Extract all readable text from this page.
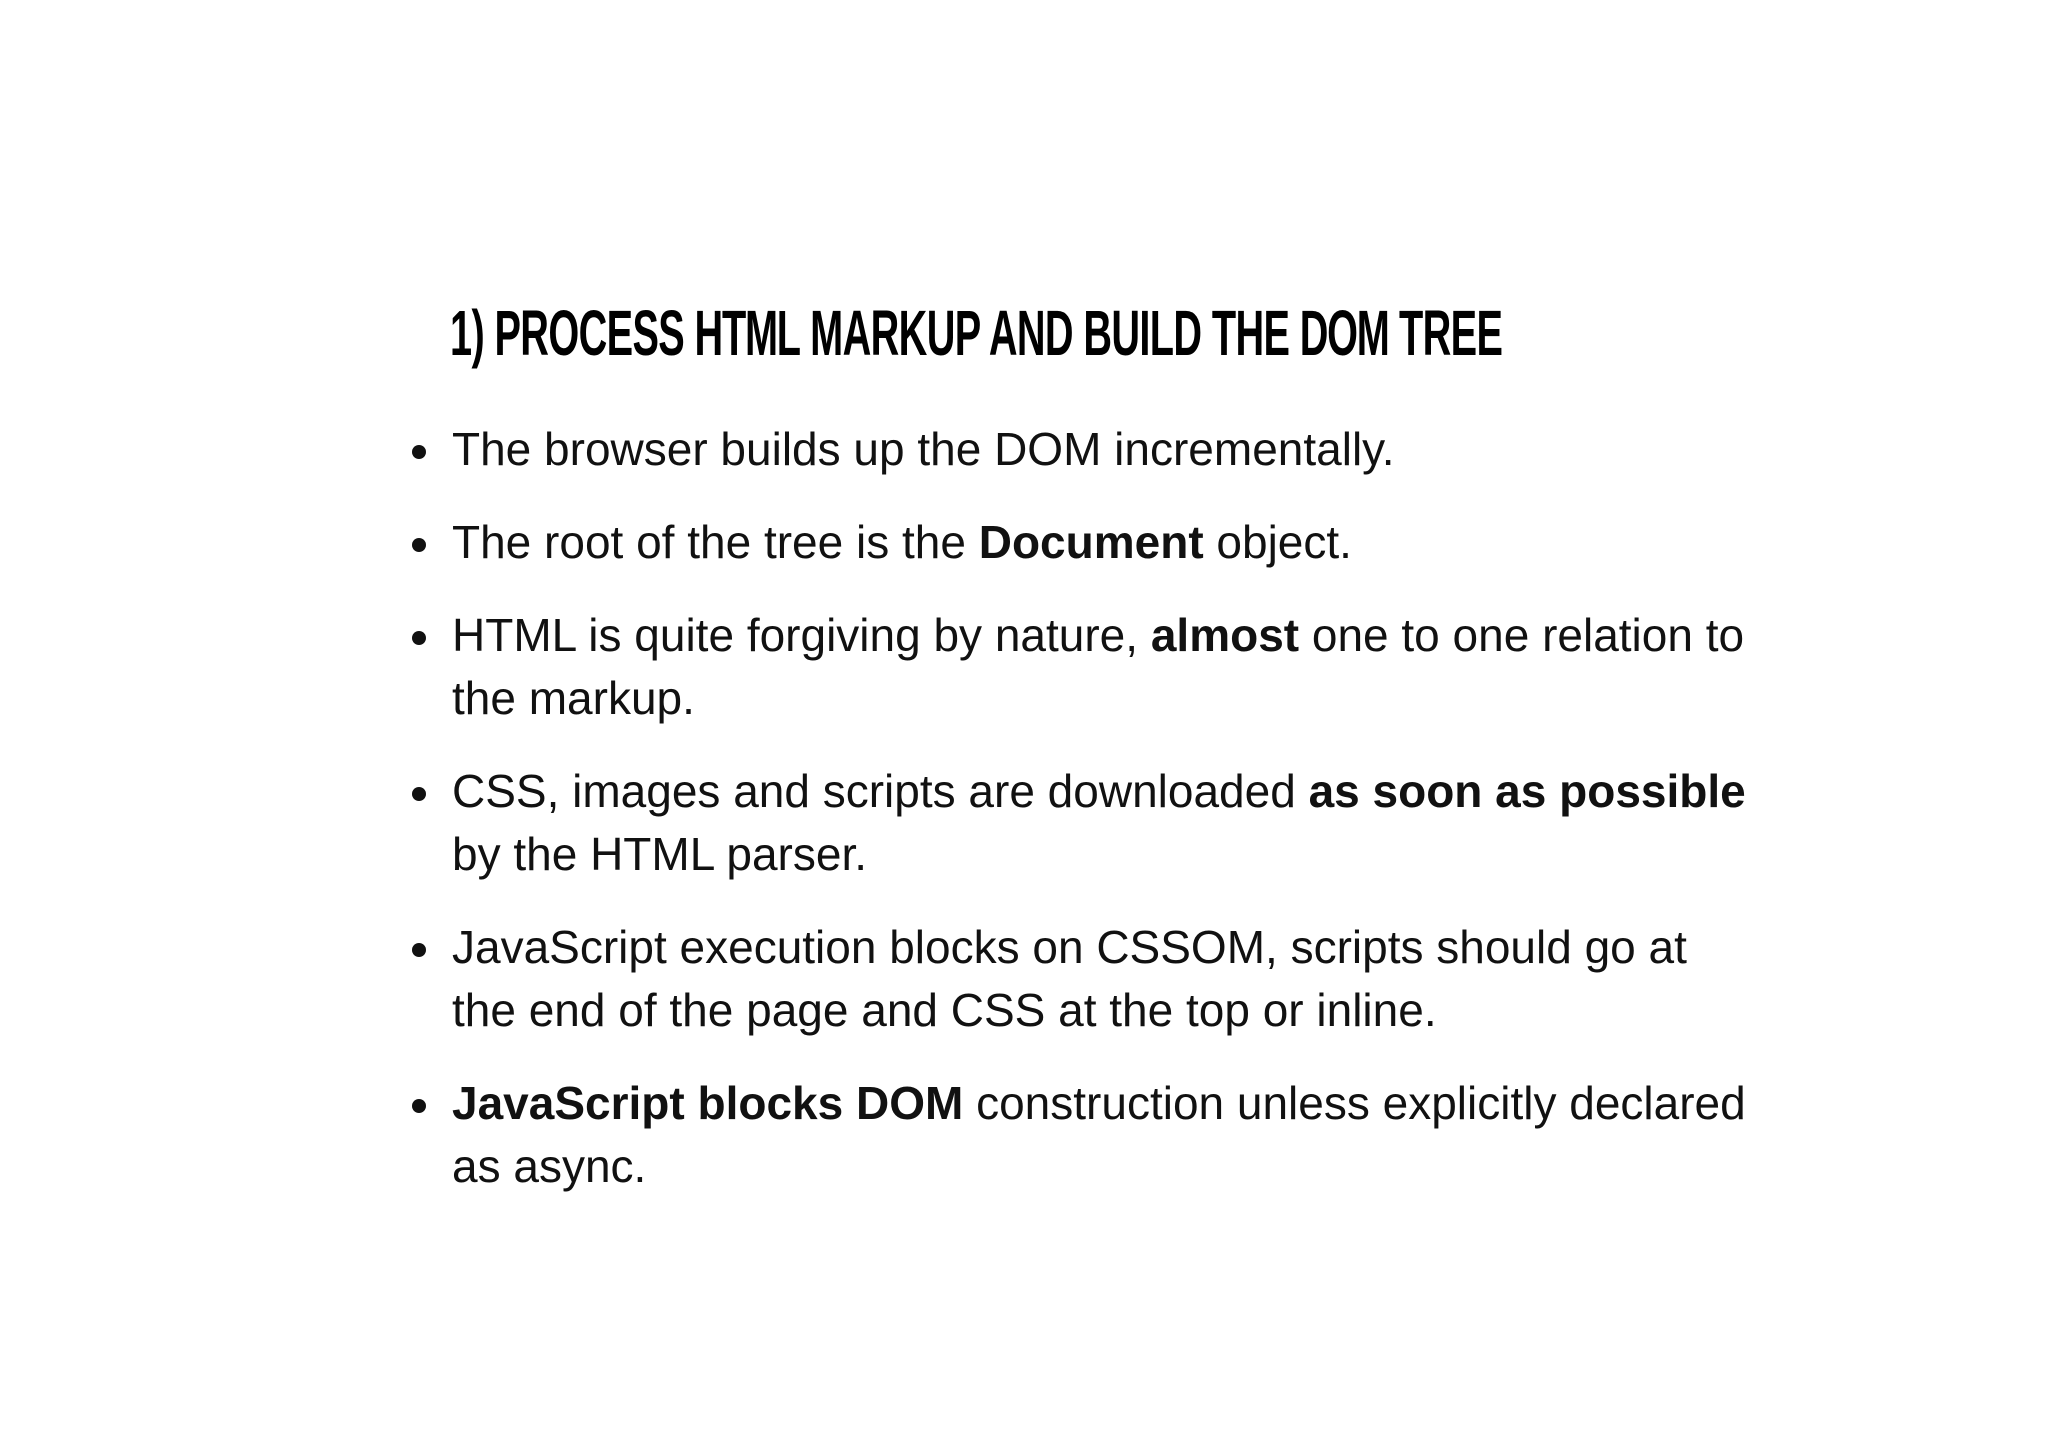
1) PROCESS HTML MARKUP AND BUILD THE DOM TREE
The browser builds up the DOM incrementally.
The root of the tree is the Document object.
HTML is quite forgiving by nature, almost one to one relation to the markup.
CSS, images and scripts are downloaded as soon as possible by the HTML parser.
JavaScript execution blocks on CSSOM, scripts should go at the end of the page and CSS at the top or inline.
JavaScript blocks DOM construction unless explicitly declared as async.
